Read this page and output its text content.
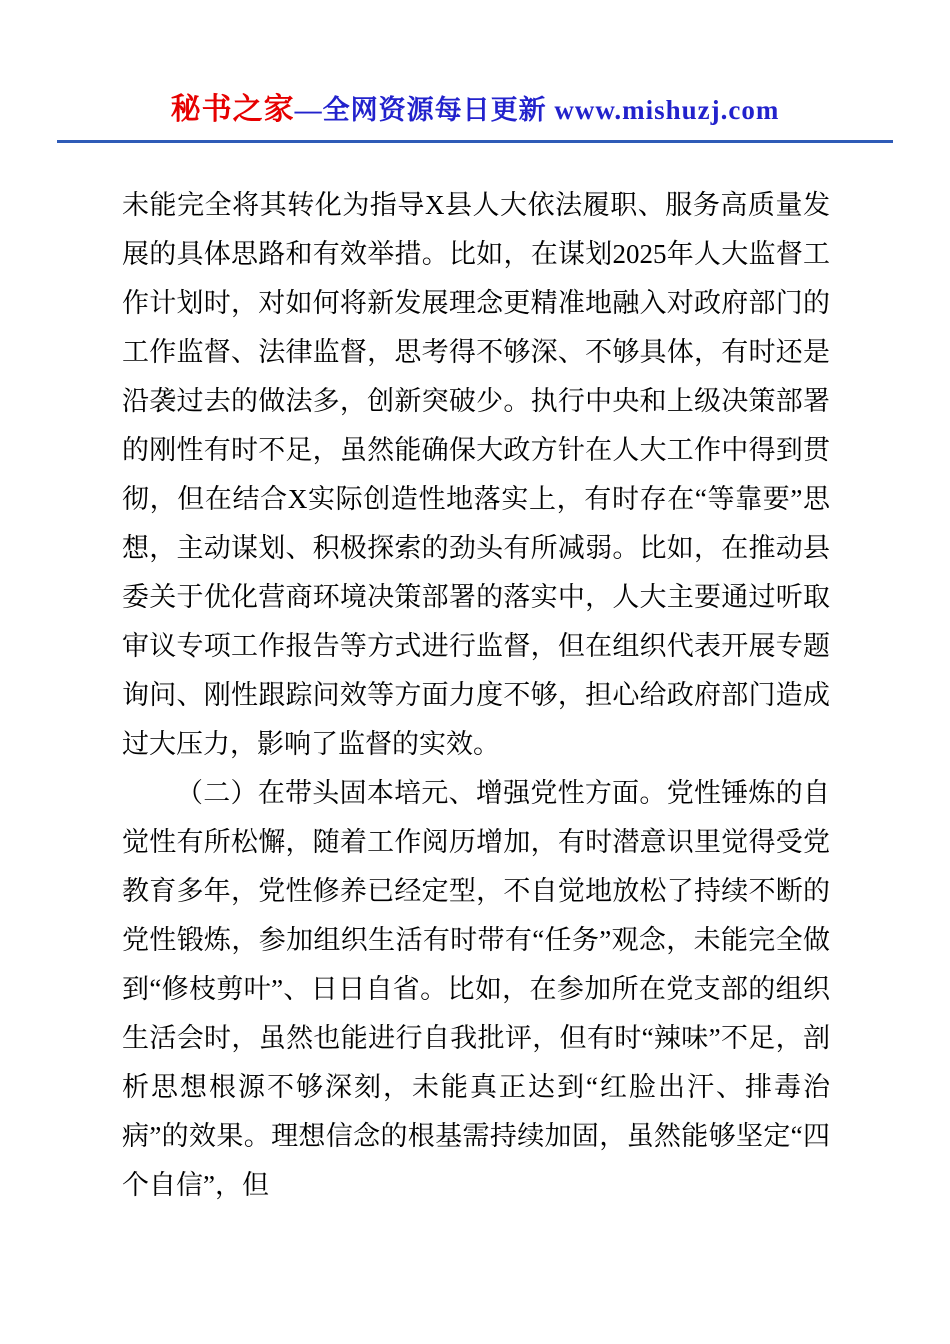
秘书之家—全网资源每日更新 www.mishuzj.com

未能完全将其转化为指导X县人大依法履职、服务高质量发展的具体思路和有效举措。比如，在谋划2025年人大监督工作计划时，对如何将新发展理念更精准地融入对政府部门的工作监督、法律监督，思考得不够深、不够具体，有时还是沿袭过去的做法多，创新突破少。执行中央和上级决策部署的刚性有时不足，虽然能确保大政方针在人大工作中得到贯彻，但在结合X实际创造性地落实上，有时存在“等靠要”思想，主动谋划、积极探索的劲头有所减弱。比如，在推动县委关于优化营商环境决策部署的落实中，人大主要通过听取审议专项工作报告等方式进行监督，但在组织代表开展专题询问、刚性跟踪问效等方面力度不够，担心给政府部门造成过大压力，影响了监督的实效。

（二）在带头固本培元、增强党性方面。党性锤炼的自觉性有所松懈，随着工作阅历增加，有时潜意识里觉得受党教育多年，党性修养已经定型，不自觉地放松了持续不断的党性锻炼，参加组织生活有时带有“任务”观念，未能完全做到“修枝剪叶”、日日自省。比如，在参加所在党支部的组织生活会时，虽然也能进行自我批评，但有时“辣味”不足，剖析思想根源不够深刻，未能真正达到“红脸出汗、排毒治病”的效果。理想信念的根基需持续加固，虽然能够坚定“四个自信”，但
